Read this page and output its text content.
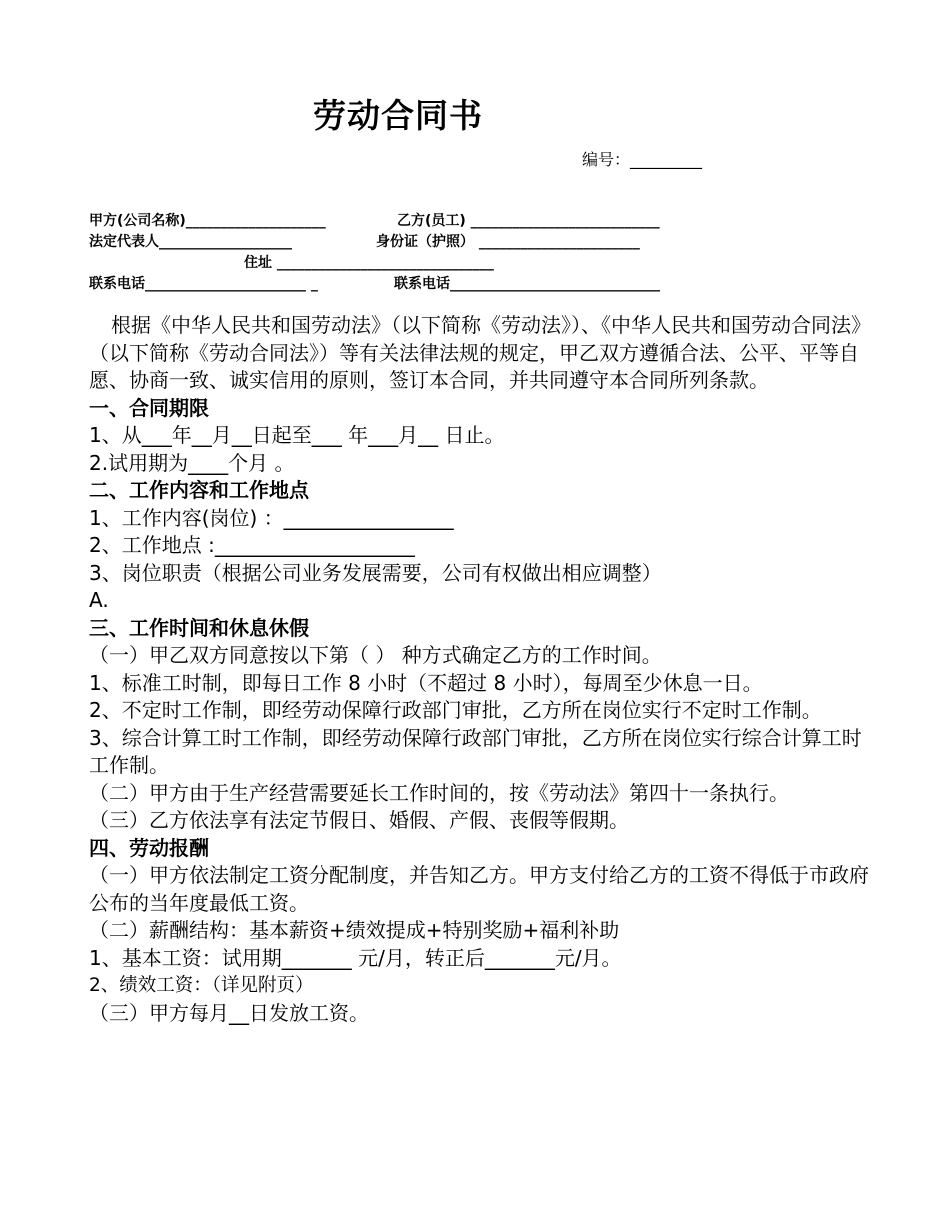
劳动合同书
编号：_________
甲方(公司名称)____________________	乙方(员工) ___________________________
法定代表人___________________	身份证（护照） _______________________
住址 _______________________________
联系电话_______________________ _	联系电话______________________________

根据《中华人民共和国劳动法》（以下简称《劳动法》）、《中华人民共和国劳动合同法》（以下简称《劳动合同法》）等有关法律法规的规定，甲乙双方遵循合法、公平、平等自愿、协商一致、诚实信用的原则，签订本合同，并共同遵守本合同所列条款。

一、合同期限

1、从___年__月__日起至___ 年___月__ 日止。

2.试用期为____个月 。

二、工作内容和工作地点

1、工作内容(岗位) ：_________________

2、工作地点 :____________________

3、岗位职责（根据公司业务发展需要，公司有权做出相应调整）

A.

三、工作时间和休息休假

（一）甲乙双方同意按以下第（ ） 种方式确定乙方的工作时间。

1、标准工时制，即每日工作 8 小时（不超过 8 小时），每周至少休息一日。

2、不定时工作制，即经劳动保障行政部门审批，乙方所在岗位实行不定时工作制。

3、综合计算工时工作制，即经劳动保障行政部门审批，乙方所在岗位实行综合计算工时工作制。

（二）甲方由于生产经营需要延长工作时间的，按《劳动法》第四十一条执行。

（三）乙方依法享有法定节假日、婚假、产假、丧假等假期。

四、劳动报酬

（一）甲方依法制定工资分配制度，并告知乙方。甲方支付给乙方的工资不得低于市政府公布的当年度最低工资。

（二）薪酬结构：基本薪资+绩效提成+特别奖励+福利补助

1、基本工资：试用期_______ 元/月，转正后_______元/月。

2、绩效工资：（详见附页）

（三）甲方每月__日发放工资。
